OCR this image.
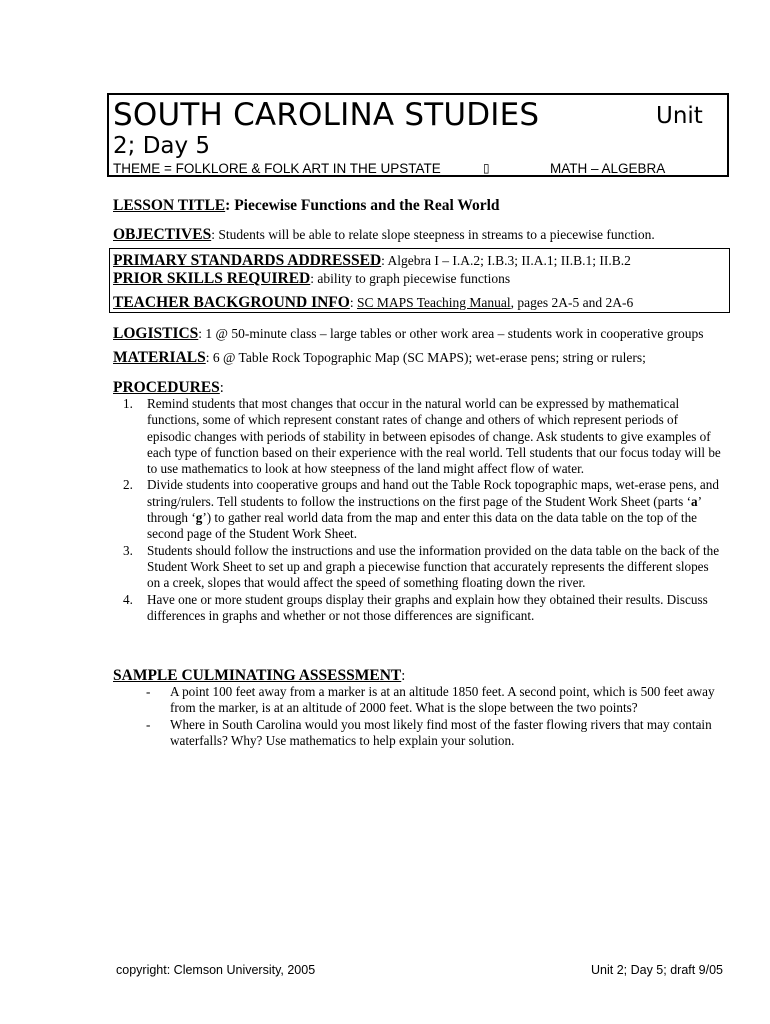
SOUTH CAROLINA STUDIES	Unit
2; Day 5
THEME = FOLKLORE & FOLK ART IN THE UPSTATE	▯	MATH – ALGEBRA
LESSON TITLE: Piecewise Functions and the Real World
OBJECTIVES: Students will be able to relate slope steepness in streams to a piecewise function.
PRIMARY STANDARDS ADDRESSED: Algebra I – I.A.2; I.B.3; II.A.1; II.B.1; II.B.2
PRIOR SKILLS REQUIRED: ability to graph piecewise functions
TEACHER BACKGROUND INFO: SC MAPS Teaching Manual, pages 2A-5 and 2A-6
LOGISTICS: 1 @ 50-minute class – large tables or other work area – students work in cooperative groups
MATERIALS: 6 @ Table Rock Topographic Map (SC MAPS); wet-erase pens; string or rulers;
PROCEDURES:
1. Remind students that most changes that occur in the natural world can be expressed by mathematical functions, some of which represent constant rates of change and others of which represent periods of episodic changes with periods of stability in between episodes of change. Ask students to give examples of each type of function based on their experience with the real world. Tell students that our focus today will be to use mathematics to look at how steepness of the land might affect flow of water.
2. Divide students into cooperative groups and hand out the Table Rock topographic maps, wet-erase pens, and string/rulers. Tell students to follow the instructions on the first page of the Student Work Sheet (parts ‘a’ through ‘g’) to gather real world data from the map and enter this data on the data table on the top of the second page of the Student Work Sheet.
3. Students should follow the instructions and use the information provided on the data table on the back of the Student Work Sheet to set up and graph a piecewise function that accurately represents the different slopes on a creek, slopes that would affect the speed of something floating down the river.
4. Have one or more student groups display their graphs and explain how they obtained their results. Discuss differences in graphs and whether or not those differences are significant.
SAMPLE CULMINATING ASSESSMENT:
- A point 100 feet away from a marker is at an altitude 1850 feet. A second point, which is 500 feet away from the marker, is at an altitude of 2000 feet. What is the slope between the two points?
- Where in South Carolina would you most likely find most of the faster flowing rivers that may contain waterfalls? Why? Use mathematics to help explain your solution.
copyright: Clemson University, 2005	Unit 2; Day 5; draft 9/05
